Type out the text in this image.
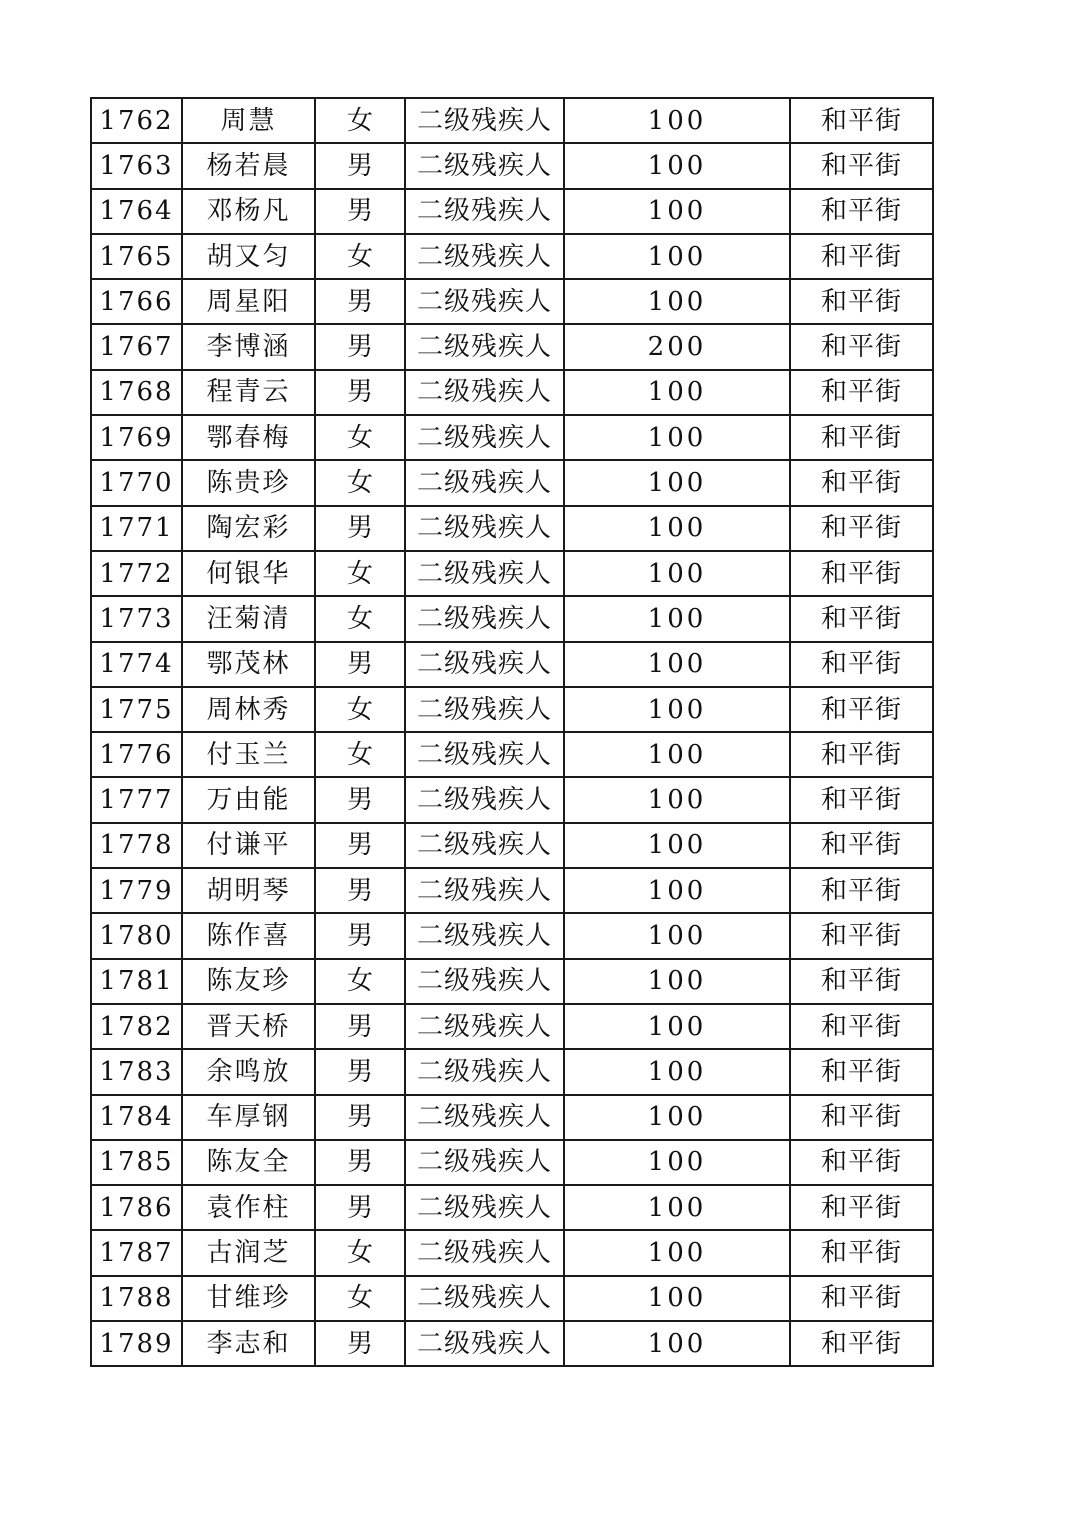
1762	周慧	女	二级残疾人	100	和平街
1763	杨若晨	男	二级残疾人	100	和平街
1764	邓杨凡	男	二级残疾人	100	和平街
1765	胡又匀	女	二级残疾人	100	和平街
1766	周星阳	男	二级残疾人	100	和平街
1767	李博涵	男	二级残疾人	200	和平街
1768	程青云	男	二级残疾人	100	和平街
1769	鄂春梅	女	二级残疾人	100	和平街
1770	陈贵珍	女	二级残疾人	100	和平街
1771	陶宏彩	男	二级残疾人	100	和平街
1772	何银华	女	二级残疾人	100	和平街
1773	汪菊清	女	二级残疾人	100	和平街
1774	鄂茂林	男	二级残疾人	100	和平街
1775	周林秀	女	二级残疾人	100	和平街
1776	付玉兰	女	二级残疾人	100	和平街
1777	万由能	男	二级残疾人	100	和平街
1778	付谦平	男	二级残疾人	100	和平街
1779	胡明琴	男	二级残疾人	100	和平街
1780	陈作喜	男	二级残疾人	100	和平街
1781	陈友珍	女	二级残疾人	100	和平街
1782	晋天桥	男	二级残疾人	100	和平街
1783	余鸣放	男	二级残疾人	100	和平街
1784	车厚钢	男	二级残疾人	100	和平街
1785	陈友全	男	二级残疾人	100	和平街
1786	袁作柱	男	二级残疾人	100	和平街
1787	古润芝	女	二级残疾人	100	和平街
1788	甘维珍	女	二级残疾人	100	和平街
1789	李志和	男	二级残疾人	100	和平街
